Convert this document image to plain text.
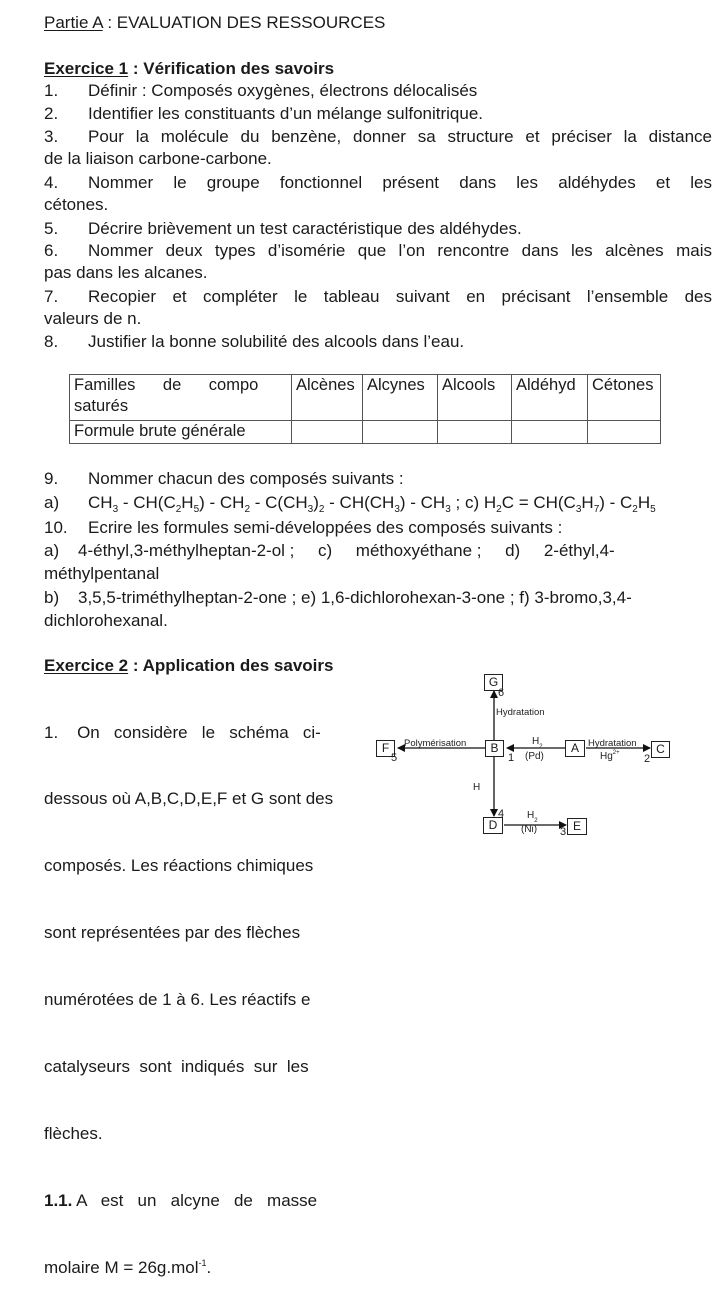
Partie A : EVALUATION DES RESSOURCES
Exercice 1 : Vérification des savoirs
1. Définir : Composés oxygènes, électrons délocalisés
2. Identifier les constituants d’un mélange sulfonitrique.
3. Pour la molécule du benzène, donner sa structure et préciser la distance
de la liaison carbone-carbone.
4. Nommer le groupe fonctionnel présent dans les aldéhydes et les
cétones.
5. Décrire brièvement un test caractéristique des aldéhydes.
6. Nommer deux types d’isomérie que l’on rencontre dans les alcènes mais
pas dans les alcanes.
7. Recopier et compléter le tableau suivant en précisant l’ensemble des
valeurs de n.
8. Justifier la bonne solubilité des alcools dans l’eau.
Familles      de      compo
saturés	Alcènes	Alcynes	Alcools	Aldéhyd	Cétones
Formule brute générale					
9. Nommer chacun des composés suivants :
a) $CH_3 - CH(C_2H_5) - CH_2 - C(CH_3)_2 - CH(CH_3) - CH_3$ ; c) $H_2C = CH(C_3H_7) - C_2H_5$
10. Ecrire les formules semi-développées des composés suivants :
a)    4-éthyl,3-méthylheptan-2-ol ;     c)     méthoxyéthane ;     d)     2-éthyl,4-
méthylpentanal
b)    3,5,5-triméthylheptan-2-one ; e) 1,6-dichlorohexan-3-one ; f) 3-bromo,3,4-
dichlorohexanal.
Exercice 2 : Application des savoirs

1.    On   considère   le   schéma   ci-

dessous où A,B,C,D,E,F et G sont des

composés. Les réactions chimiques

sont représentées par des flèches

numérotées de 1 à 6. Les réactifs e

catalyseurs  sont  indiqués  sur  les

flèches.

1.1. A   est   un   alcyne   de   masse

molaire M = 26g.mol$^{-1}$.

G
B
F	A	C
D	E
Hydratation
Polymérisation	$H_2$
(Pd)
Hydratation
$Hg^{2+}$
H
$H_2$
(Ni)
6
5	1	2
4
3
